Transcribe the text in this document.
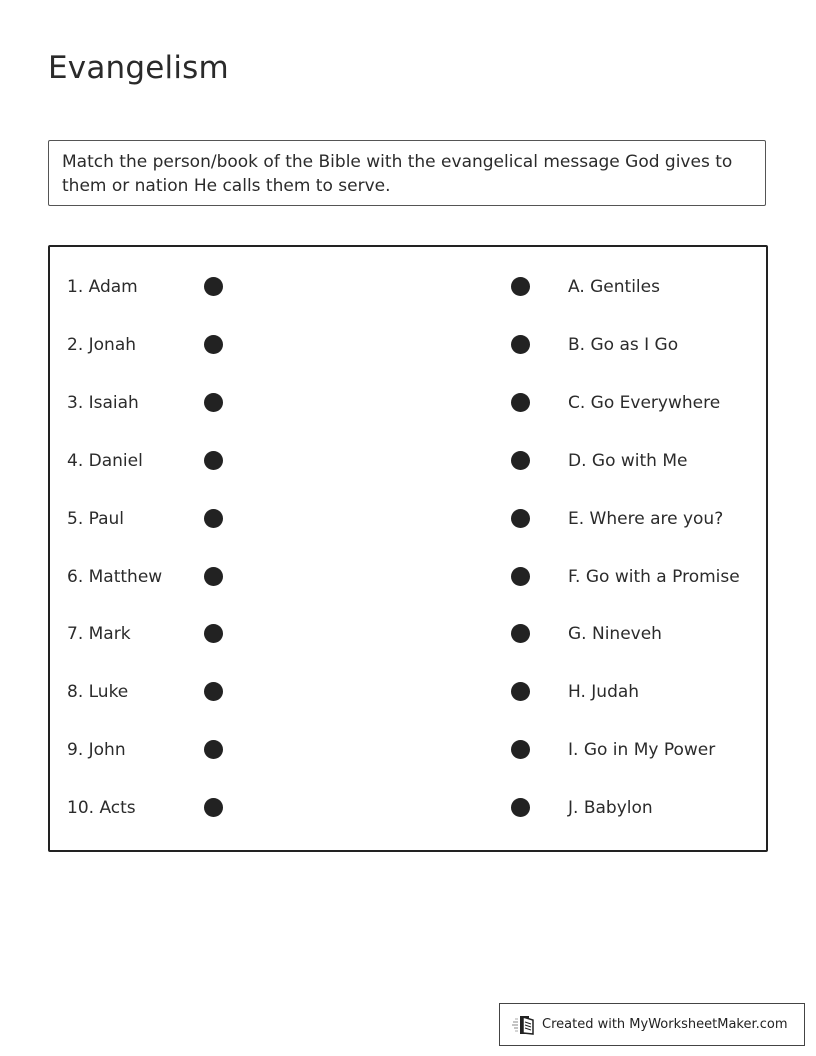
Evangelism
Match the person/book of the Bible with the evangelical message God gives to them or nation He calls them to serve.
1. Adam	A. Gentiles
2. Jonah	B. Go as I Go
3. Isaiah	C. Go Everywhere
4. Daniel	D. Go with Me
5. Paul	E. Where are you?
6. Matthew	F. Go with a Promise
7. Mark	G. Nineveh
8. Luke	H. Judah
9. John	I. Go in My Power
10. Acts	J. Babylon
Created with MyWorksheetMaker.com
